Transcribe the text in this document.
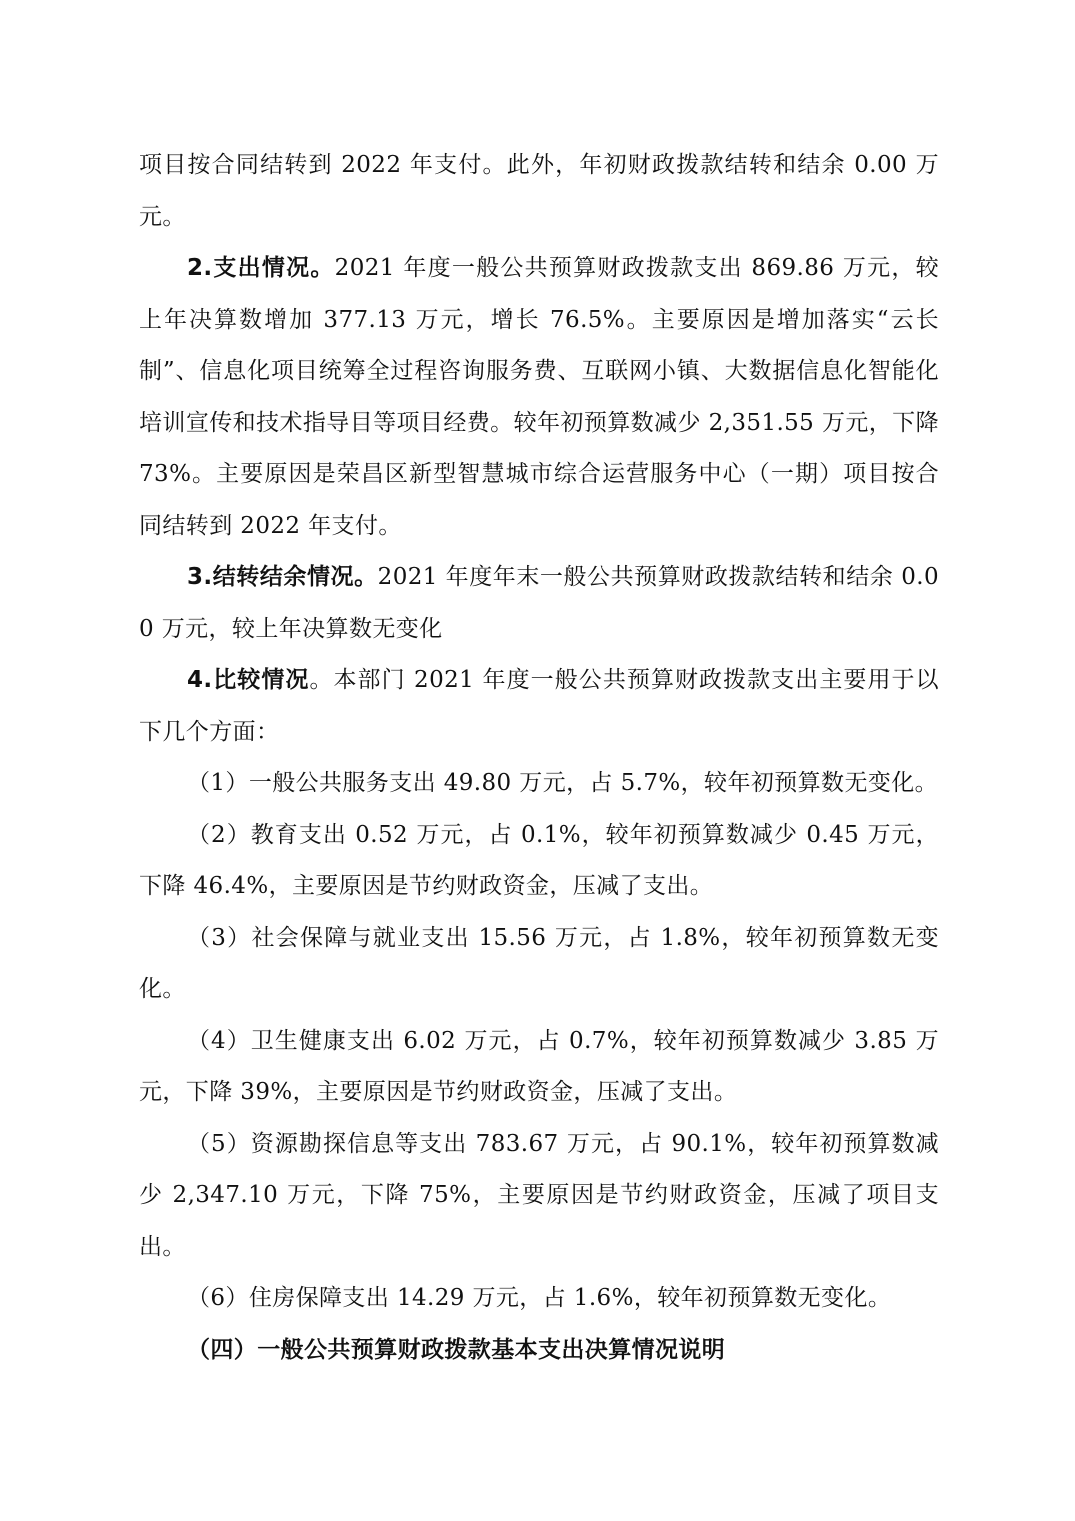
项目按合同结转到 2022 年支付。此外，年初财政拨款结转和结余 0.00 万元。

2.支出情况。2021 年度一般公共预算财政拨款支出 869.86 万元，较上年决算数增加 377.13 万元，增长 76.5%。主要原因是增加落实“云长制”、信息化项目统筹全过程咨询服务费、互联网小镇、大数据信息化智能化培训宣传和技术指导目等项目经费。较年初预算数减少 2,351.55 万元，下降 73%。主要原因是荣昌区新型智慧城市综合运营服务中心（一期）项目按合同结转到 2022 年支付。

3.结转结余情况。2021 年度年末一般公共预算财政拨款结转和结余 0.00 万元，较上年决算数无变化

4.比较情况。本部门 2021 年度一般公共预算财政拨款支出主要用于以下几个方面：

（1）一般公共服务支出 49.80 万元，占 5.7%，较年初预算数无变化。

（2）教育支出 0.52 万元，占 0.1%，较年初预算数减少 0.45 万元，下降 46.4%，主要原因是节约财政资金，压减了支出。

（3）社会保障与就业支出 15.56 万元，占 1.8%，较年初预算数无变化。

（4）卫生健康支出 6.02 万元，占 0.7%，较年初预算数减少 3.85 万元，下降 39%，主要原因是节约财政资金，压减了支出。

（5）资源勘探信息等支出 783.67 万元，占 90.1%，较年初预算数减少 2,347.10 万元，下降 75%，主要原因是节约财政资金，压减了项目支出。

（6）住房保障支出 14.29 万元，占 1.6%，较年初预算数无变化。

（四）一般公共预算财政拨款基本支出决算情况说明
